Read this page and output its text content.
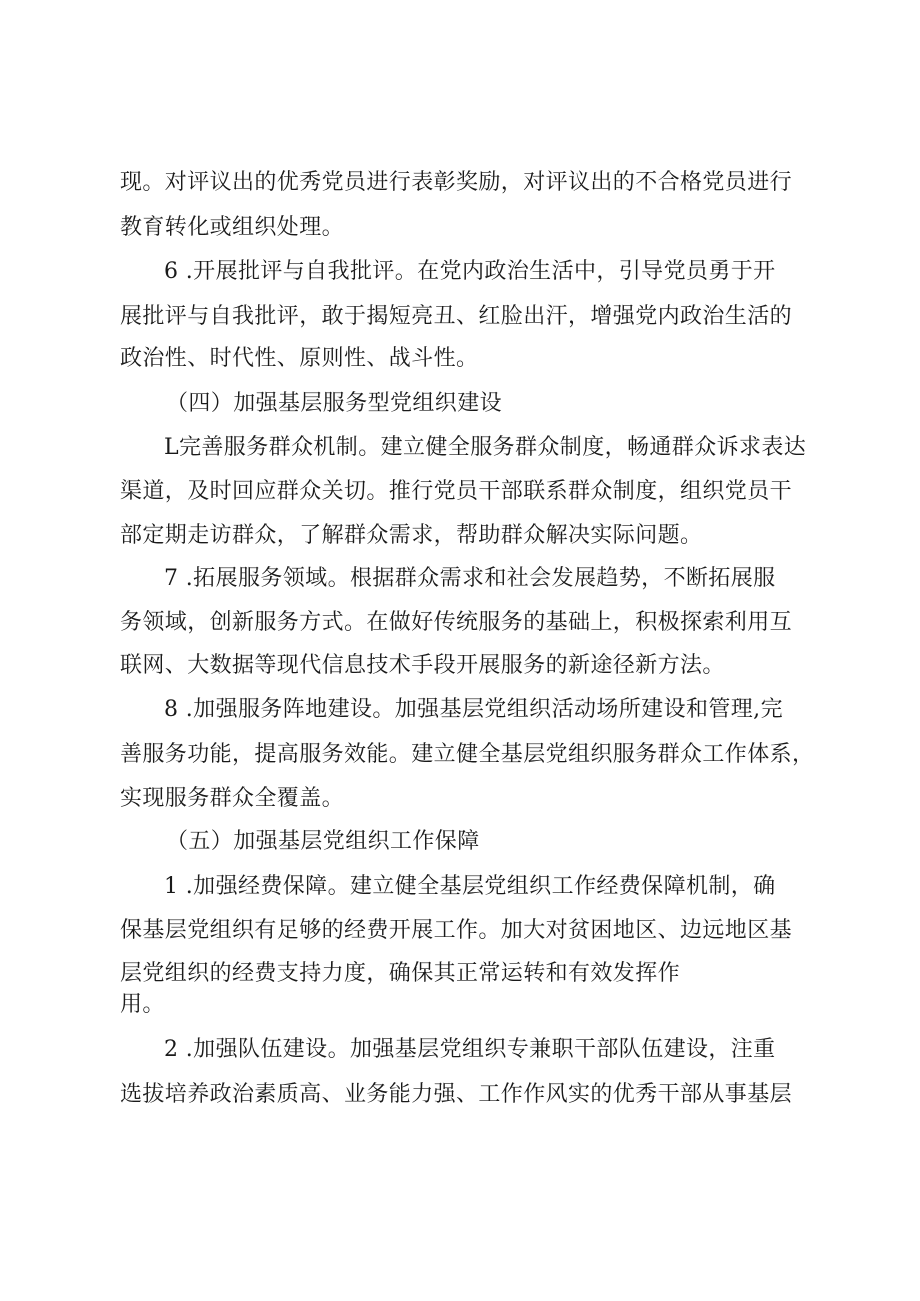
现。对评议出的优秀党员进行表彰奖励，对评议出的不合格党员进行
教育转化或组织处理。
6 .开展批评与自我批评。在党内政治生活中，引导党员勇于开
展批评与自我批评，敢于揭短亮丑、红脸出汗，增强党内政治生活的
政治性、时代性、原则性、战斗性。
（四）加强基层服务型党组织建设
L完善服务群众机制。建立健全服务群众制度，畅通群众诉求表达
渠道，及时回应群众关切。推行党员干部联系群众制度，组织党员干
部定期走访群众，了解群众需求，帮助群众解决实际问题。
7 .拓展服务领域。根据群众需求和社会发展趋势，不断拓展服
务领域，创新服务方式。在做好传统服务的基础上，积极探索利用互
联网、大数据等现代信息技术手段开展服务的新途径新方法。
8 .加强服务阵地建设。加强基层党组织活动场所建设和管理,完
善服务功能，提高服务效能。建立健全基层党组织服务群众工作体系，
实现服务群众全覆盖。
（五）加强基层党组织工作保障
1 .加强经费保障。建立健全基层党组织工作经费保障机制，确
保基层党组织有足够的经费开展工作。加大对贫困地区、边远地区基
层党组织的经费支持力度，确保其正常运转和有效发挥作
用。
2 .加强队伍建设。加强基层党组织专兼职干部队伍建设，注重
选拔培养政治素质高、业务能力强、工作作风实的优秀干部从事基层
